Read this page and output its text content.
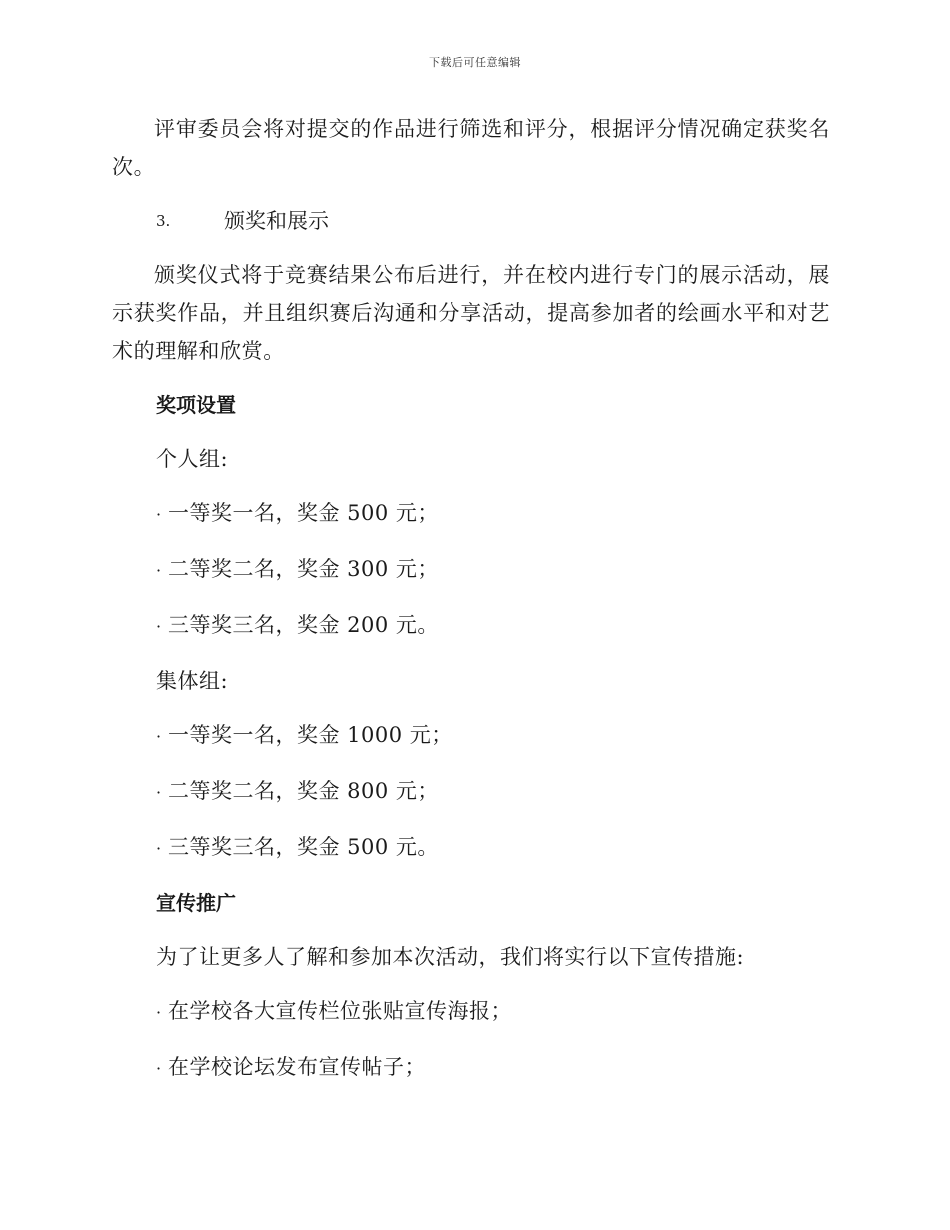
下载后可任意编辑

评审委员会将对提交的作品进行筛选和评分，根据评分情况确定获奖名次。

3.	颁奖和展示

颁奖仪式将于竞赛结果公布后进行，并在校内进行专门的展示活动，展示获奖作品，并且组织赛后沟通和分享活动，提高参加者的绘画水平和对艺术的理解和欣赏。

奖项设置

个人组:

· 一等奖一名，奖金 500 元；

· 二等奖二名，奖金 300 元；

· 三等奖三名，奖金 200 元。

集体组:

· 一等奖一名，奖金 1000 元；

· 二等奖二名，奖金 800 元；

· 三等奖三名，奖金 500 元。

宣传推广

为了让更多人了解和参加本次活动，我们将实行以下宣传措施:

· 在学校各大宣传栏位张贴宣传海报；

· 在学校论坛发布宣传帖子；
